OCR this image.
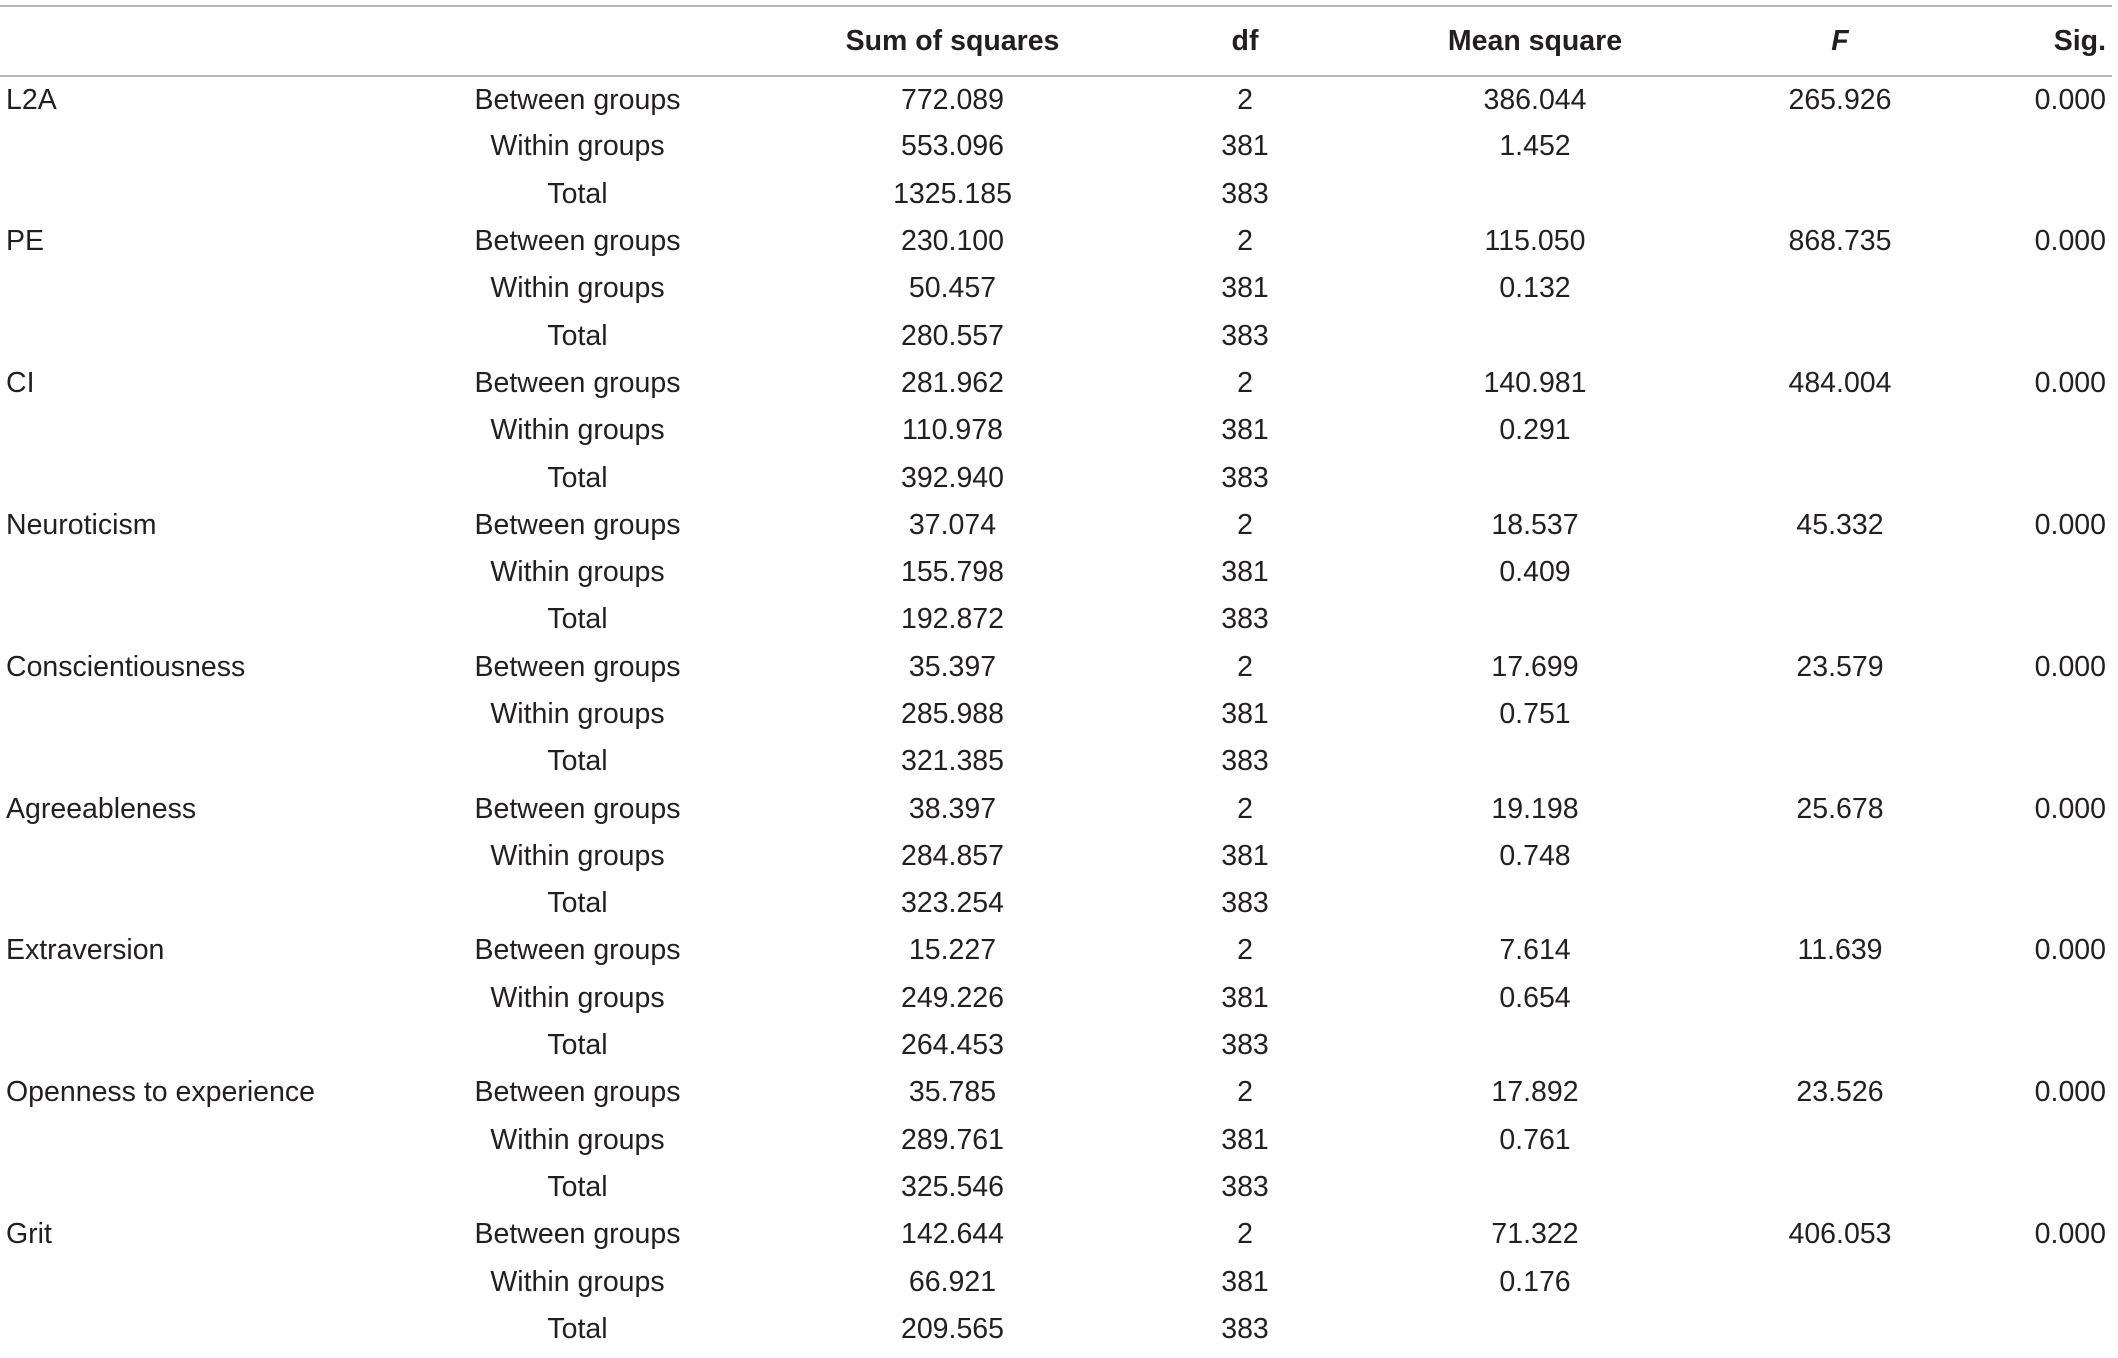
		Sum of squares	df	Mean square	F	Sig.
L2A	Between groups	772.089	2	386.044	265.926	0.000
	Within groups	553.096	381	1.452		
	Total	1325.185	383			
PE	Between groups	230.100	2	115.050	868.735	0.000
	Within groups	50.457	381	0.132		
	Total	280.557	383			
CI	Between groups	281.962	2	140.981	484.004	0.000
	Within groups	110.978	381	0.291		
	Total	392.940	383			
Neuroticism	Between groups	37.074	2	18.537	45.332	0.000
	Within groups	155.798	381	0.409		
	Total	192.872	383			
Conscientiousness	Between groups	35.397	2	17.699	23.579	0.000
	Within groups	285.988	381	0.751		
	Total	321.385	383			
Agreeableness	Between groups	38.397	2	19.198	25.678	0.000
	Within groups	284.857	381	0.748		
	Total	323.254	383			
Extraversion	Between groups	15.227	2	7.614	11.639	0.000
	Within groups	249.226	381	0.654		
	Total	264.453	383			
Openness to experience	Between groups	35.785	2	17.892	23.526	0.000
	Within groups	289.761	381	0.761		
	Total	325.546	383			
Grit	Between groups	142.644	2	71.322	406.053	0.000
	Within groups	66.921	381	0.176		
	Total	209.565	383			
